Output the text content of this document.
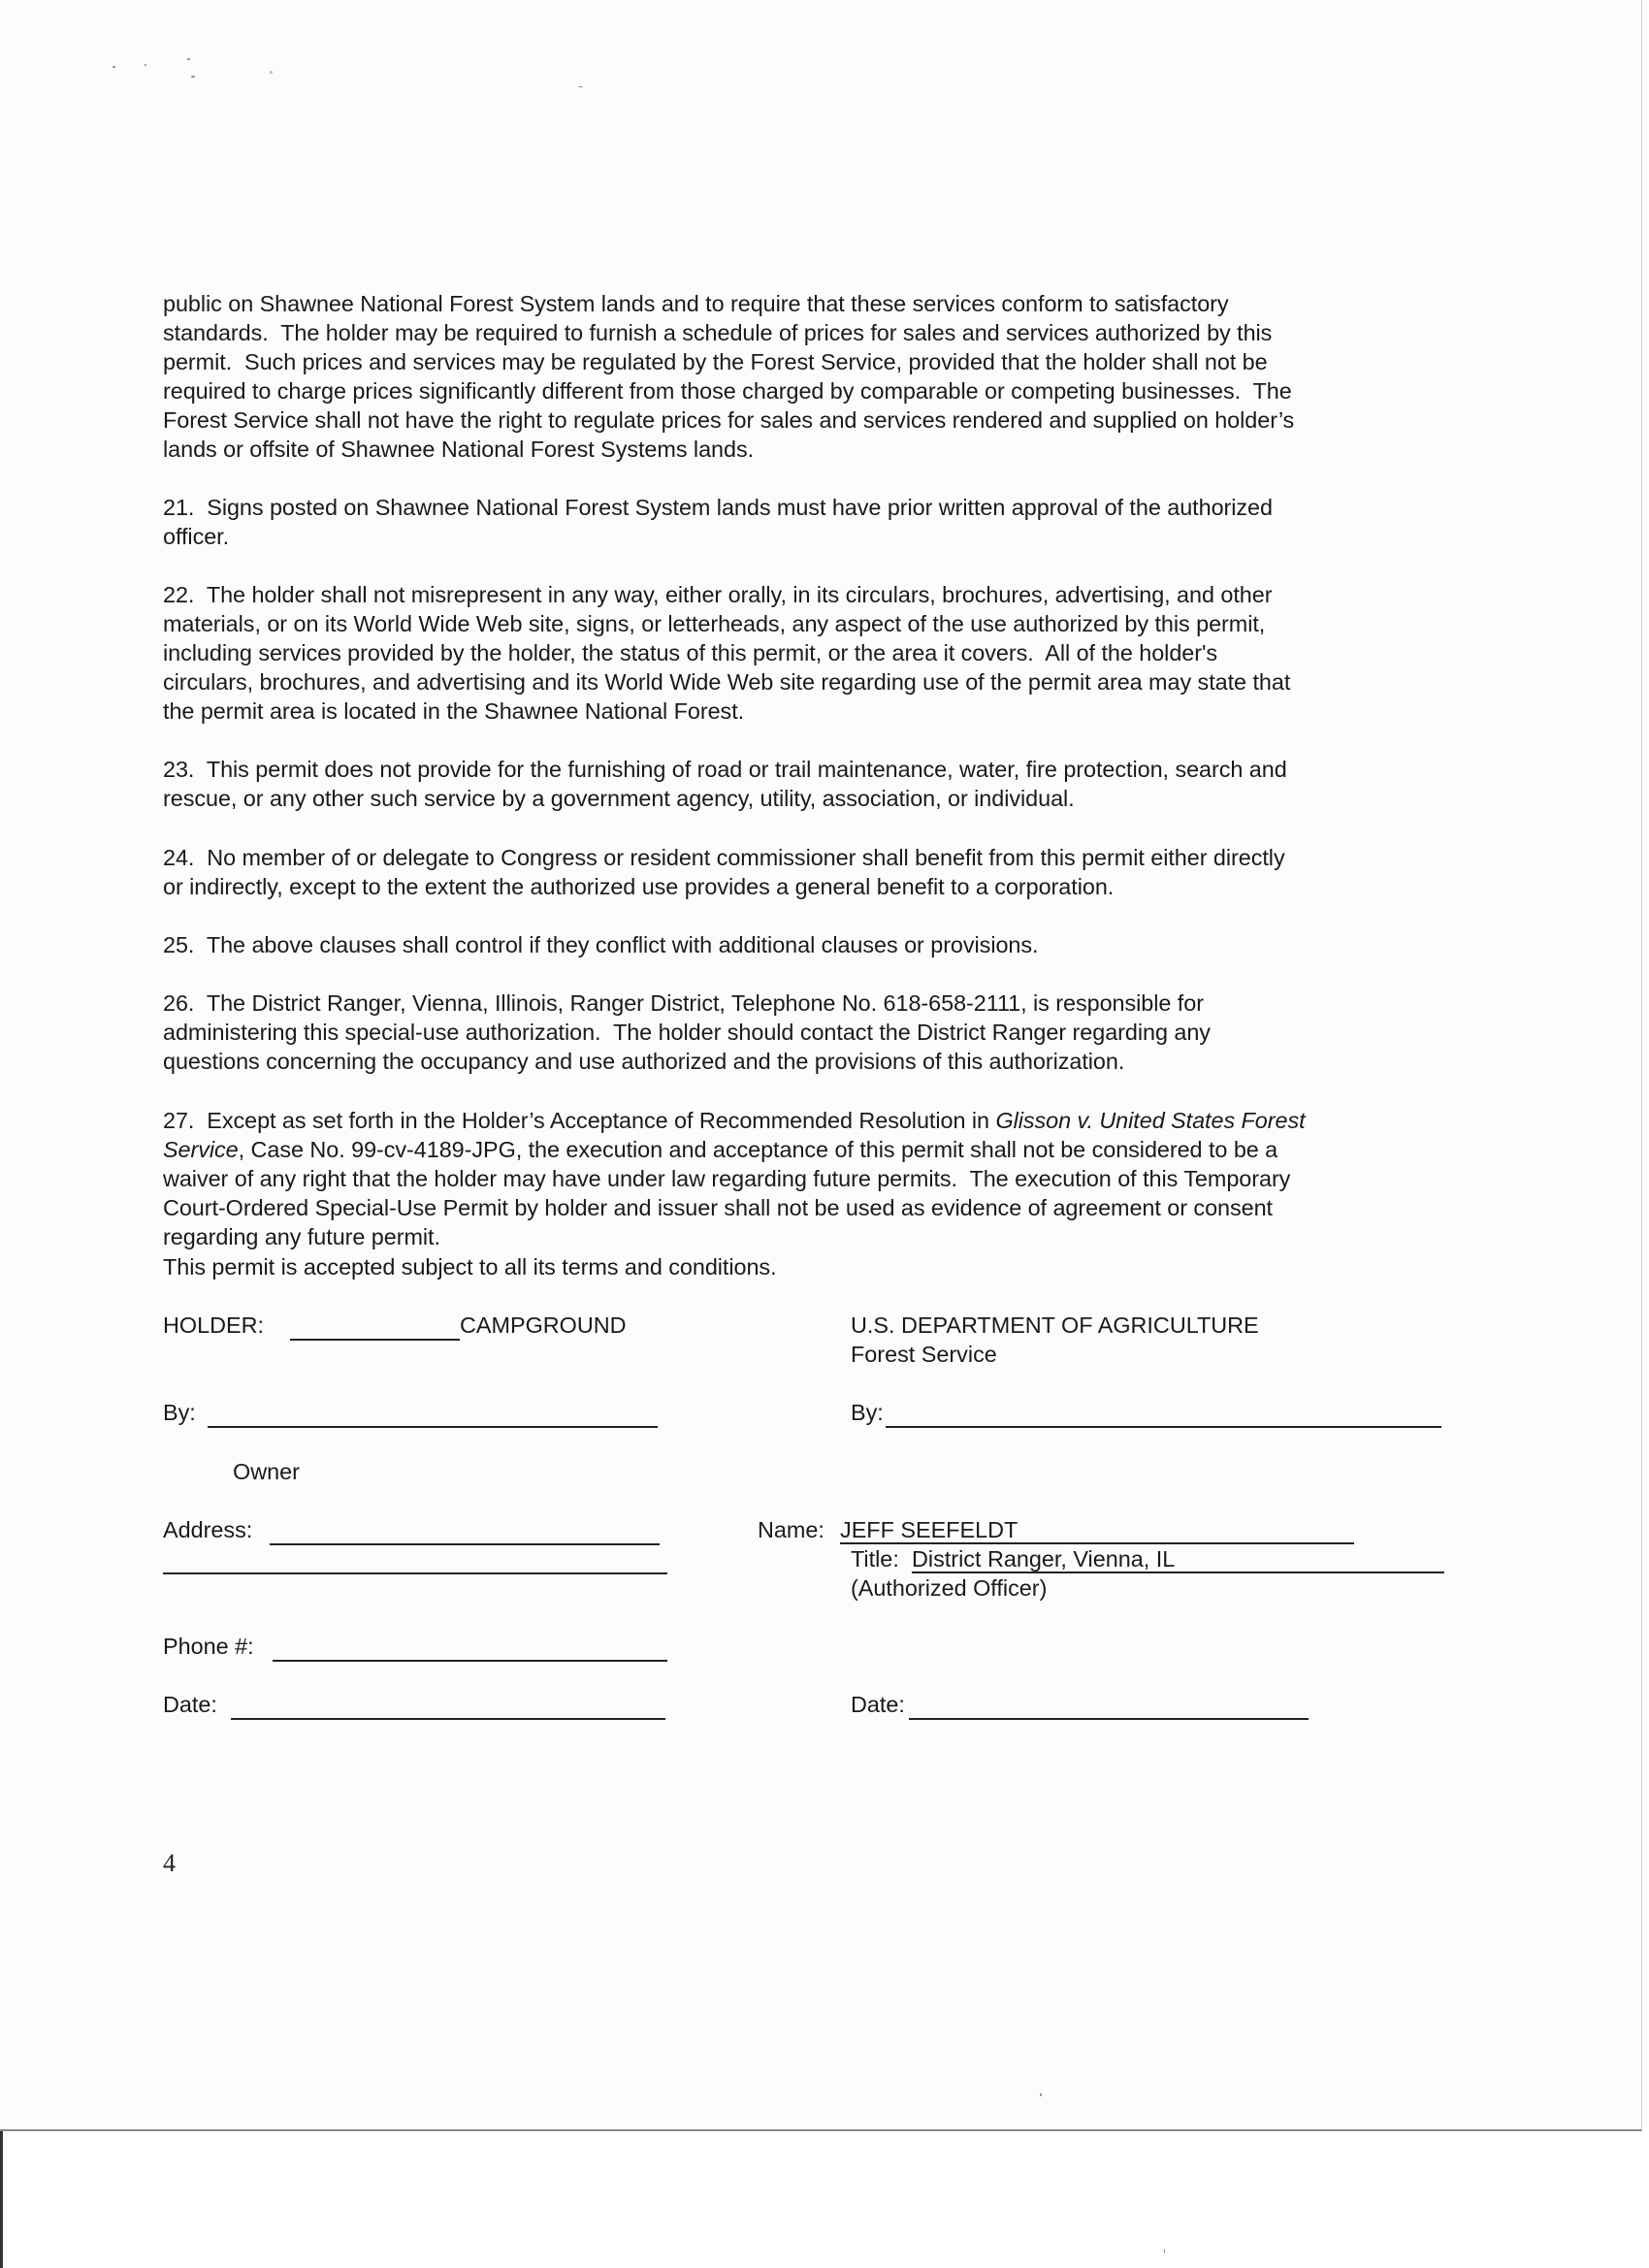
public on Shawnee National Forest System lands and to require that these services conform to satisfactory
standards.  The holder may be required to furnish a schedule of prices for sales and services authorized by this
permit.  Such prices and services may be regulated by the Forest Service, provided that the holder shall not be
required to charge prices significantly different from those charged by comparable or competing businesses.  The
Forest Service shall not have the right to regulate prices for sales and services rendered and supplied on holder’s
lands or offsite of Shawnee National Forest Systems lands.

21.  Signs posted on Shawnee National Forest System lands must have prior written approval of the authorized
officer.

22.  The holder shall not misrepresent in any way, either orally, in its circulars, brochures, advertising, and other
materials, or on its World Wide Web site, signs, or letterheads, any aspect of the use authorized by this permit,
including services provided by the holder, the status of this permit, or the area it covers.  All of the holder's
circulars, brochures, and advertising and its World Wide Web site regarding use of the permit area may state that
the permit area is located in the Shawnee National Forest.

23.  This permit does not provide for the furnishing of road or trail maintenance, water, fire protection, search and
rescue, or any other such service by a government agency, utility, association, or individual.

24.  No member of or delegate to Congress or resident commissioner shall benefit from this permit either directly
or indirectly, except to the extent the authorized use provides a general benefit to a corporation.

25.  The above clauses shall control if they conflict with additional clauses or provisions.

26.  The District Ranger, Vienna, Illinois, Ranger District, Telephone No. 618-658-2111, is responsible for
administering this special-use authorization.  The holder should contact the District Ranger regarding any
questions concerning the occupancy and use authorized and the provisions of this authorization.

27.  Except as set forth in the Holder’s Acceptance of Recommended Resolution in Glisson v. United States Forest
Service, Case No. 99-cv-4189-JPG, the execution and acceptance of this permit shall not be considered to be a
waiver of any right that the holder may have under law regarding future permits.  The execution of this Temporary
Court-Ordered Special-Use Permit by holder and issuer shall not be used as evidence of agreement or consent
regarding any future permit.

This permit is accepted subject to all its terms and conditions.

HOLDER:	CAMPGROUND

By:

Owner

Address:

Phone #:

Date:

U.S. DEPARTMENT OF AGRICULTURE

Forest Service

By:

Name: JEFF SEEFELDT

Title: District Ranger, Vienna, IL

(Authorized Officer)

Date:

4
